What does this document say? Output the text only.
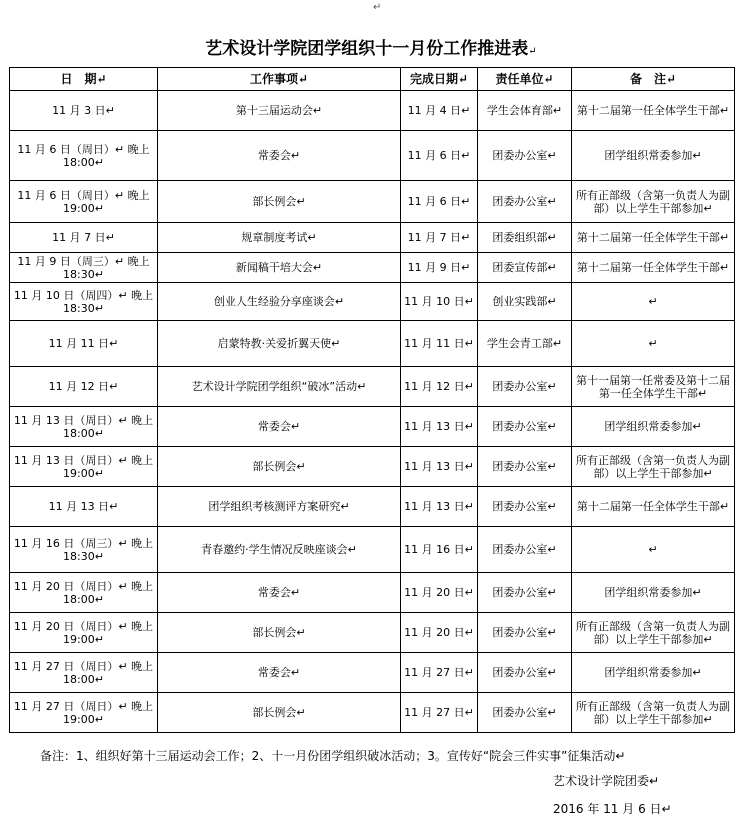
↵
艺术设计学院团学组织十一月份工作推进表↵
日　期↵	工作事项↵	完成日期↵	责任单位↵	备　注↵
11 月 3 日↵	第十三届运动会↵	11 月 4 日↵	学生会体育部↵	第十二届第一任全体学生干部↵
11 月 6 日（周日）↵ 晚上 18:00↵	常委会↵	11 月 6 日↵	团委办公室↵	团学组织常委参加↵
11 月 6 日（周日）↵ 晚上 19:00↵	部长例会↵	11 月 6 日↵	团委办公室↵	所有正部级（含第一负责人为副部）以上学生干部参加↵
11 月 7 日↵	规章制度考试↵	11 月 7 日↵	团委组织部↵	第十二届第一任全体学生干部↵
11 月 9 日（周三）↵ 晚上 18:30↵	新闻稿干培大会↵	11 月 9 日↵	团委宣传部↵	第十二届第一任全体学生干部↵
11 月 10 日（周四）↵ 晚上 18:30↵	创业人生经验分享座谈会↵	11 月 10 日↵	创业实践部↵	↵
11 月 11 日↵	启蒙特教·关爱折翼天使↵	11 月 11 日↵	学生会青工部↵	↵
11 月 12 日↵	艺术设计学院团学组织“破冰”活动↵	11 月 12 日↵	团委办公室↵	第十一届第一任常委及第十二届第一任全体学生干部↵
11 月 13 日（周日）↵ 晚上 18:00↵	常委会↵	11 月 13 日↵	团委办公室↵	团学组织常委参加↵
11 月 13 日（周日）↵ 晚上 19:00↵	部长例会↵	11 月 13 日↵	团委办公室↵	所有正部级（含第一负责人为副部）以上学生干部参加↵
11 月 13 日↵	团学组织考核测评方案研究↵	11 月 13 日↵	团委办公室↵	第十二届第一任全体学生干部↵
11 月 16 日（周三）↵ 晚上 18:30↵	青春邀约·学生情况反映座谈会↵	11 月 16 日↵	团委办公室↵	↵
11 月 20 日（周日）↵ 晚上 18:00↵	常委会↵	11 月 20 日↵	团委办公室↵	团学组织常委参加↵
11 月 20 日（周日）↵ 晚上 19:00↵	部长例会↵	11 月 20 日↵	团委办公室↵	所有正部级（含第一负责人为副部）以上学生干部参加↵
11 月 27 日（周日）↵ 晚上 18:00↵	常委会↵	11 月 27 日↵	团委办公室↵	团学组织常委参加↵
11 月 27 日（周日）↵ 晚上 19:00↵	部长例会↵	11 月 27 日↵	团委办公室↵	所有正部级（含第一负责人为副部）以上学生干部参加↵
备注：1、组织好第十三届运动会工作；2、十一月份团学组织破冰活动；3。宣传好“院会三件实事”征集活动↵
艺术设计学院团委↵
2016 年 11 月 6 日↵
